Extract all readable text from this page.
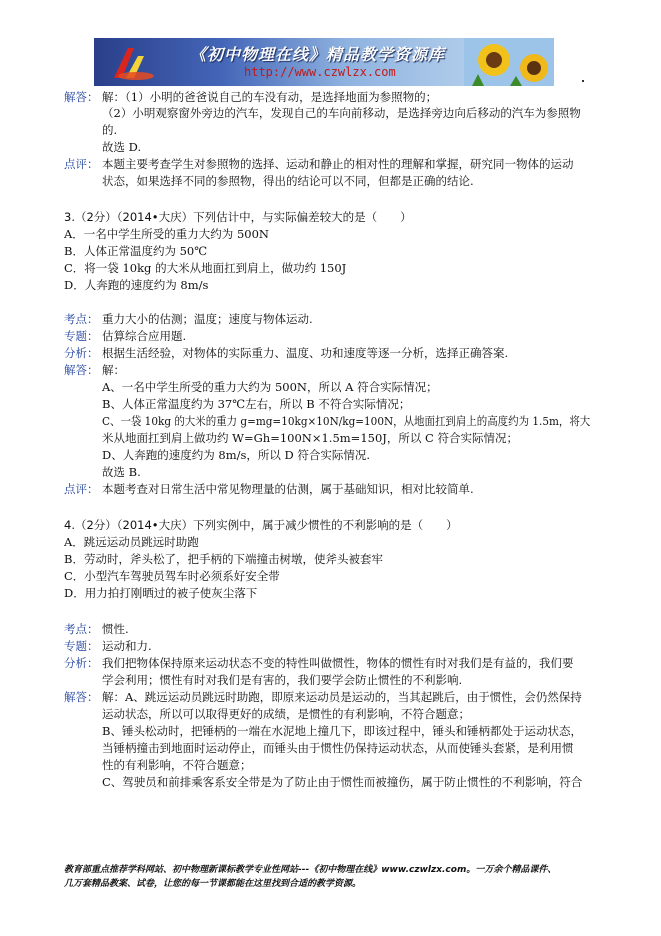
《初中物理在线》精品教学资源库
http://www.czwlzx.com
解答： 解：（1）小明的爸爸说自己的车没有动，是选择地面为参照物的；
（2）小明观察窗外旁边的汽车，发现自己的车向前移动，是选择旁边向后移动的汽车为参照物
的.
故选 D.
点评： 本题主要考查学生对参照物的选择、运动和静止的相对性的理解和掌握，研究同一物体的运动
状态，如果选择不同的参照物，得出的结论可以不同，但都是正确的结论.
3.（2分）（2014•大庆）下列估计中，与实际偏差较大的是（　　）
A．一名中学生所受的重力大约为 500N
B．人体正常温度约为 50℃
C．将一袋 10kg 的大米从地面扛到肩上，做功约 150J
D．人奔跑的速度约为 8m/s
考点： 重力大小的估测；温度；速度与物体运动.
专题： 估算综合应用题.
分析： 根据生活经验，对物体的实际重力、温度、功和速度等逐一分析，选择正确答案.
解答： 解：
A、一名中学生所受的重力大约为 500N，所以 A 符合实际情况；
B、人体正常温度约为 37℃左右，所以 B 不符合实际情况；
C、一袋 10kg 的大米的重力 g=mg=10kg×10N/kg=100N，从地面扛到肩上的高度约为 1.5m，将大
米从地面扛到肩上做功约 W=Gh=100N×1.5m=150J，所以 C 符合实际情况；
D、人奔跑的速度约为 8m/s，所以 D 符合实际情况.
故选 B.
点评： 本题考查对日常生活中常见物理量的估测，属于基础知识，相对比较简单.
4.（2分）（2014•大庆）下列实例中，属于减少惯性的不利影响的是（　　）
A．跳远运动员跳远时助跑
B．劳动时，斧头松了，把手柄的下端撞击树墩，使斧头被套牢
C．小型汽车驾驶员驾车时必须系好安全带
D．用力拍打刚晒过的被子使灰尘落下
考点： 惯性.
专题： 运动和力.
分析： 我们把物体保持原来运动状态不变的特性叫做惯性，物体的惯性有时对我们是有益的，我们要
学会利用；惯性有时对我们是有害的，我们要学会防止惯性的不利影响.
解答： 解：A、跳远运动员跳远时助跑，即原来运动员是运动的，当其起跳后，由于惯性，会仍然保持
运动状态，所以可以取得更好的成绩，是惯性的有利影响，不符合题意；
B、锤头松动时，把锤柄的一端在水泥地上撞几下，即该过程中，锤头和锤柄都处于运动状态，
当锤柄撞击到地面时运动停止，而锤头由于惯性仍保持运动状态，从而使锤头套紧，是利用惯
性的有利影响，不符合题意；
C、驾驶员和前排乘客系安全带是为了防止由于惯性而被撞伤，属于防止惯性的不利影响，符合
教育部重点推荐学科网站、初中物理新课标教学专业性网站---《初中物理在线》www.czwlzx.com。一万余个精品课件、
几万套精品教案、试卷，让您的每一节课都能在这里找到合适的教学资源。
